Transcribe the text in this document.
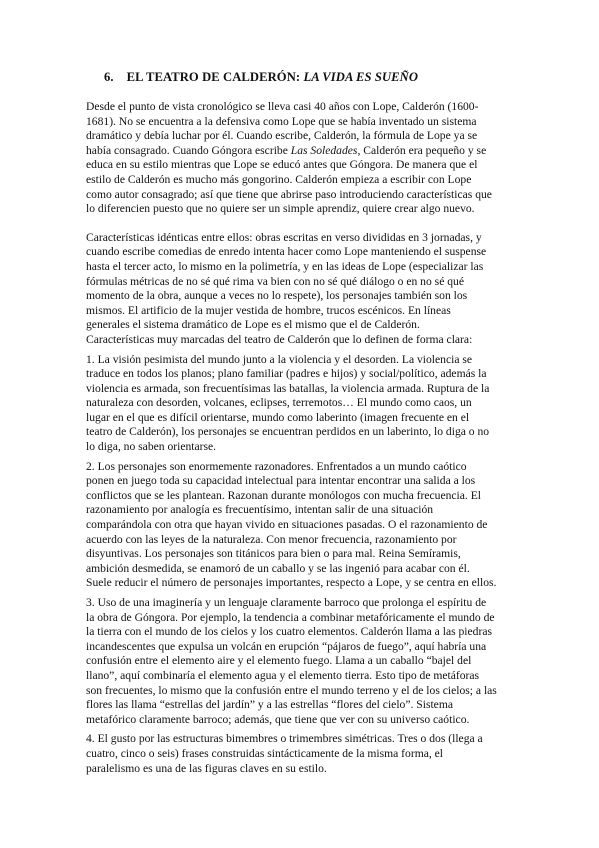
6. EL TEATRO DE CALDERÓN: LA VIDA ES SUEÑO
Desde el punto de vista cronológico se lleva casi 40 años con Lope, Calderón (1600-
1681). No se encuentra a la defensiva como Lope que se había inventado un sistema
dramático y debía luchar por él. Cuando escribe, Calderón, la fórmula de Lope ya se
había consagrado. Cuando Góngora escribe Las Soledades, Calderón era pequeño y se
educa en su estilo mientras que Lope se educó antes que Góngora. De manera que el
estilo de Calderón es mucho más gongorino. Calderón empieza a escribir con Lope
como autor consagrado; así que tiene que abrirse paso introduciendo características que
lo diferencien puesto que no quiere ser un simple aprendiz, quiere crear algo nuevo.
Características idénticas entre ellos: obras escritas en verso divididas en 3 jornadas, y
cuando escribe comedias de enredo intenta hacer como Lope manteniendo el suspense
hasta el tercer acto, lo mismo en la polimetría, y en las ideas de Lope (especializar las
fórmulas métricas de no sé qué rima va bien con no sé qué diálogo o en no sé qué
momento de la obra, aunque a veces no lo respete), los personajes también son los
mismos. El artificio de la mujer vestida de hombre, trucos escénicos. En líneas
generales el sistema dramático de Lope es el mismo que el de Calderón.
Características muy marcadas del teatro de Calderón que lo definen de forma clara:
1. La visión pesimista del mundo junto a la violencia y el desorden. La violencia se
traduce en todos los planos; plano familiar (padres e hijos) y social/político, además la
violencia es armada, son frecuentísimas las batallas, la violencia armada. Ruptura de la
naturaleza con desorden, volcanes, eclipses, terremotos… El mundo como caos, un
lugar en el que es difícil orientarse, mundo como laberinto (imagen frecuente en el
teatro de Calderón), los personajes se encuentran perdidos en un laberinto, lo diga o no
lo diga, no saben orientarse.
2. Los personajes son enormemente razonadores. Enfrentados a un mundo caótico
ponen en juego toda su capacidad intelectual para intentar encontrar una salida a los
conflictos que se les plantean. Razonan durante monólogos con mucha frecuencia. El
razonamiento por analogía es frecuentísimo, intentan salir de una situación
comparándola con otra que hayan vivido en situaciones pasadas. O el razonamiento de
acuerdo con las leyes de la naturaleza. Con menor frecuencia, razonamiento por
disyuntivas. Los personajes son titánicos para bien o para mal. Reina Semíramis,
ambición desmedida, se enamoró de un caballo y se las ingenió para acabar con él.
Suele reducir el número de personajes importantes, respecto a Lope, y se centra en ellos.
3. Uso de una imaginería y un lenguaje claramente barroco que prolonga el espíritu de
la obra de Góngora. Por ejemplo, la tendencia a combinar metafóricamente el mundo de
la tierra con el mundo de los cielos y los cuatro elementos. Calderón llama a las piedras
incandescentes que expulsa un volcán en erupción “pájaros de fuego”, aquí habría una
confusión entre el elemento aire y el elemento fuego. Llama a un caballo “bajel del
llano”, aquí combinaría el elemento agua y el elemento tierra. Esto tipo de metáforas
son frecuentes, lo mismo que la confusión entre el mundo terreno y el de los cielos; a las
flores las llama “estrellas del jardín” y a las estrellas “flores del cielo”. Sistema
metafórico claramente barroco; además, que tiene que ver con su universo caótico.
4. El gusto por las estructuras bimembres o trimembres simétricas. Tres o dos (llega a
cuatro, cinco o seis) frases construidas sintácticamente de la misma forma, el
paralelismo es una de las figuras claves en su estilo.
